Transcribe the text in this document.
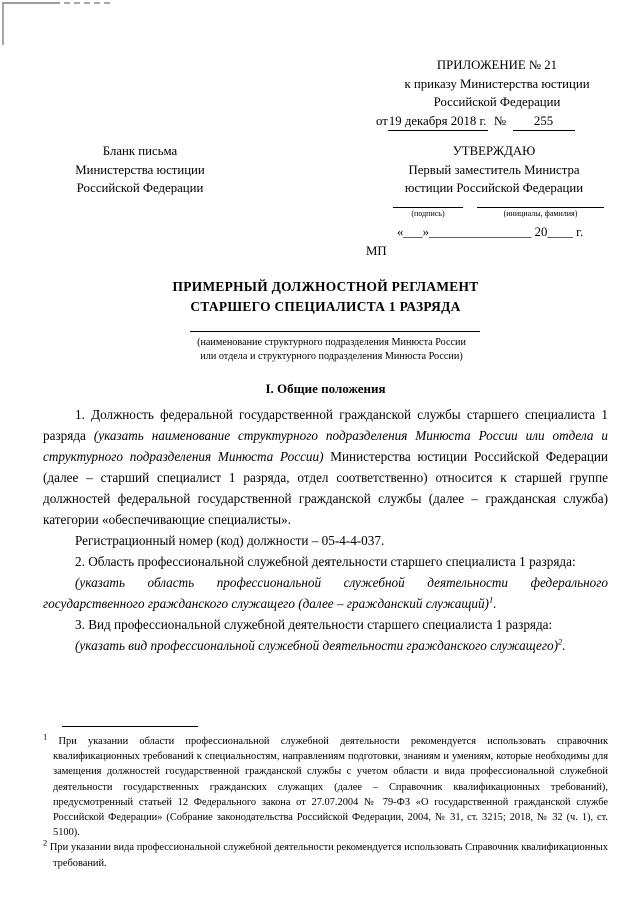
ПРИЛОЖЕНИЕ № 21
к приказу Министерства юстиции
Российской Федерации
от 19 декабря 2018 г. №	255
Бланк письма
Министерства юстиции
Российской Федерации
УТВЕРЖДАЮ
Первый заместитель Министра
юстиции Российской Федерации
(подпись)	(инициалы, фамилия)
«___»________________ 20____ г.
МП
ПРИМЕРНЫЙ ДОЛЖНОСТНОЙ РЕГЛАМЕНТ
СТАРШЕГО СПЕЦИАЛИСТА 1 РАЗРЯДА
(наименование структурного подразделения Минюста России
или отдела и структурного подразделения Минюста России)
I. Общие положения

1. Должность федеральной государственной гражданской службы старшего специалиста 1 разряда (указать наименование структурного подразделения Минюста России или отдела и структурного подразделения Минюста России) Министерства юстиции Российской Федерации (далее – старший специалист 1 разряда, отдел соответственно) относится к старшей группе должностей федеральной государственной гражданской службы (далее – гражданская служба) категории «обеспечивающие специалисты».

Регистрационный номер (код) должности – 05-4-4-037.

2. Область профессиональной служебной деятельности старшего специалиста 1 разряда:

(указать область профессиональной служебной деятельности федерального государственного гражданского служащего (далее – гражданский служащий)$^1$.

3. Вид профессиональной служебной деятельности старшего специалиста 1 разряда:

(указать вид профессиональной служебной деятельности гражданского служащего)$^2$.

$^1$ При указании области профессиональной служебной деятельности рекомендуется использовать справочник квалификационных требований к специальностям, направлениям подготовки, знаниям и умениям, которые необходимы для замещения должностей государственной гражданской службы с учетом области и вида профессиональной служебной деятельности государственных гражданских служащих (далее – Справочник квалификационных требований), предусмотренный статьей 12 Федерального закона от 27.07.2004 № 79-ФЗ «О государственной гражданской службе Российской Федерации» (Собрание законодательства Российской Федерации, 2004, № 31, ст. 3215; 2018, № 32 (ч. 1), ст. 5100).

$^2$ При указании вида профессиональной служебной деятельности рекомендуется использовать Справочник квалификационных требований.
